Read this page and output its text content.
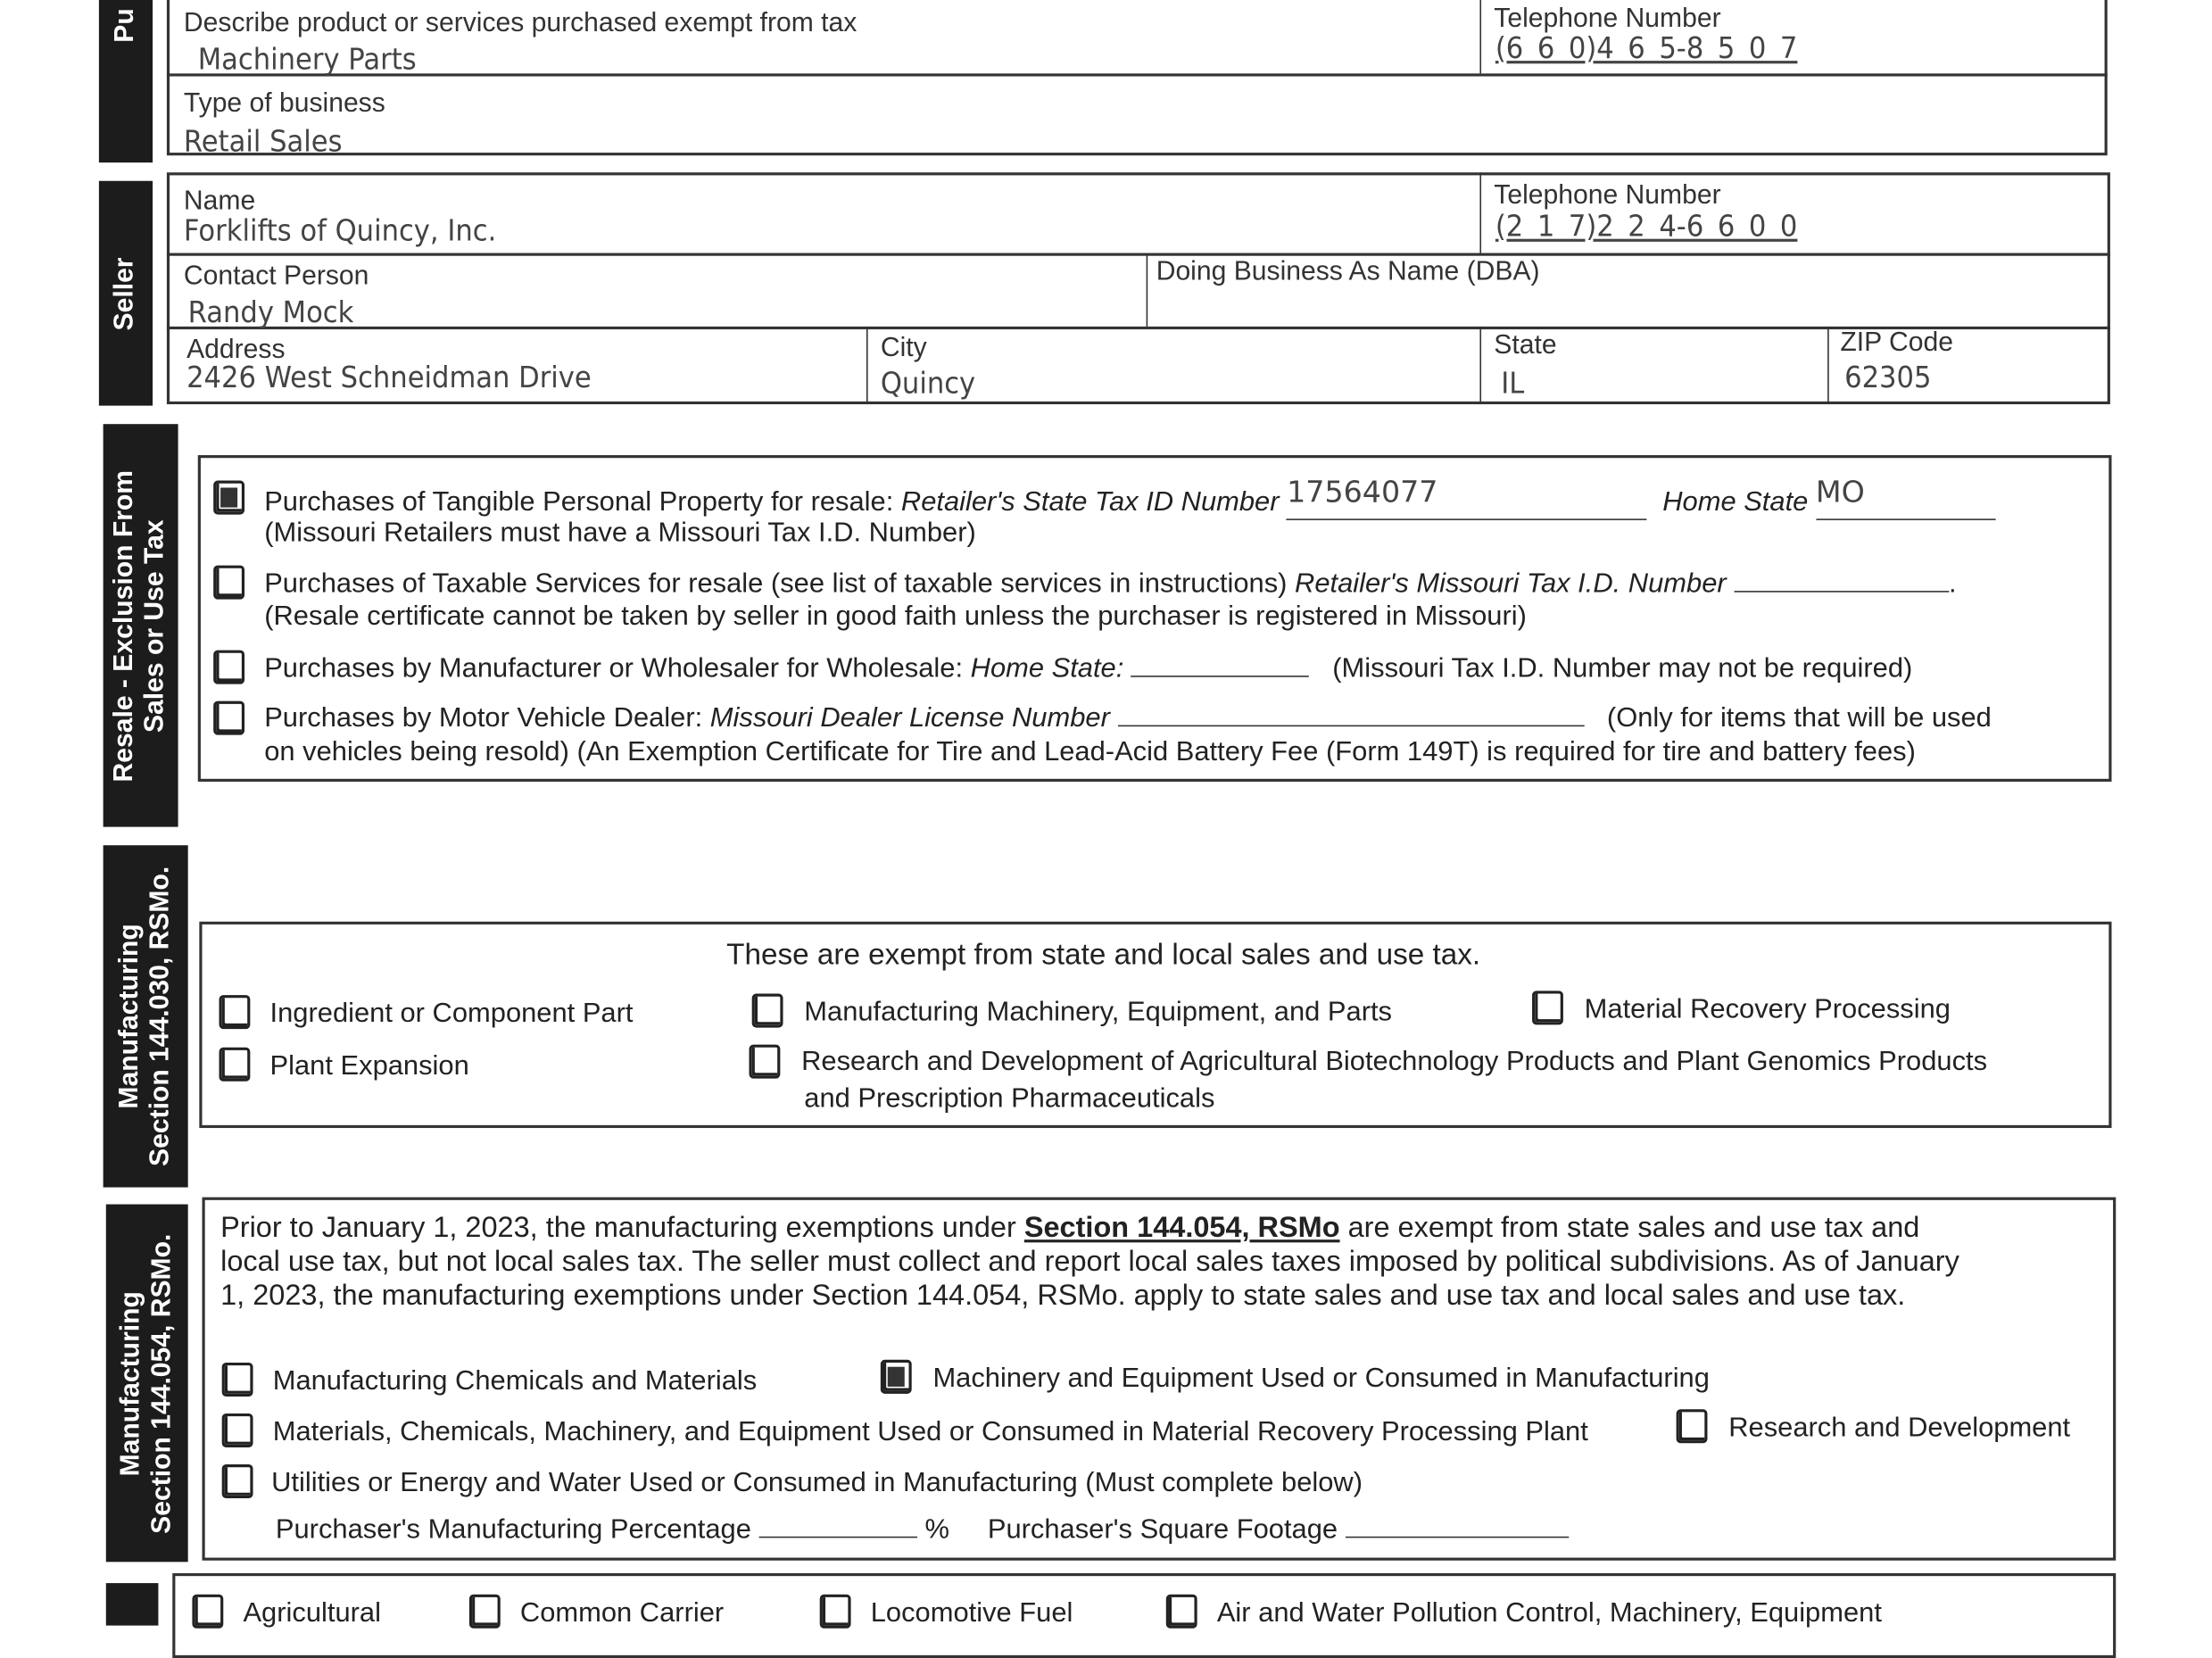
Pu	Describe product or services purchased exempt from tax
Machinery Parts
Telephone Number
(6 6 0)4 6 5-8 5 0 7
Type of business
Retail Sales
Seller
Name
Forklifts of Quincy, Inc.
Telephone Number
(2 1 7)2 2 4-6 6 0 0
Contact Person
Randy Mock
Doing Business As Name (DBA)
Address
2426 West Schneidman Drive
City
Quincy
State
IL
ZIP Code
62305
Resale - Exclusion From Sales or Use Tax
Purchases of Tangible Personal Property for resale: Retailer's State Tax ID Number 17564077	Home State MO
(Missouri Retailers must have a Missouri Tax I.D. Number)
Purchases of Taxable Services for resale (see list of taxable services in instructions) Retailer's Missouri Tax I.D. Number	.
(Resale certificate cannot be taken by seller in good faith unless the purchaser is registered in Missouri)
Purchases by Manufacturer or Wholesaler for Wholesale: Home State:	(Missouri Tax I.D. Number may not be required)
Purchases by Motor Vehicle Dealer: Missouri Dealer License Number	(Only for items that will be used
on vehicles being resold) (An Exemption Certificate for Tire and Lead-Acid Battery Fee (Form 149T) is required for tire and battery fees)
Manufacturing Section 144.030, RSMo.	These are exempt from state and local sales and use tax.
Ingredient or Component Part	Manufacturing Machinery, Equipment, and Parts	Material Recovery Processing
Plant Expansion	Research and Development of Agricultural Biotechnology Products and Plant Genomics Products
and Prescription Pharmaceuticals
Manufacturing Section 144.054, RSMo.
Prior to January 1, 2023, the manufacturing exemptions under Section 144.054, RSMo are exempt from state sales and use tax and
local use tax, but not local sales tax. The seller must collect and report local sales taxes imposed by political subdivisions. As of January
1, 2023, the manufacturing exemptions under Section 144.054, RSMo. apply to state sales and use tax and local sales and use tax.
Manufacturing Chemicals and Materials	Machinery and Equipment Used or Consumed in Manufacturing
Materials, Chemicals, Machinery, and Equipment Used or Consumed in Material Recovery Processing Plant	Research and Development
Utilities or Energy and Water Used or Consumed in Manufacturing (Must complete below)
Purchaser's Manufacturing Percentage	% Purchaser's Square Footage
Agricultural	Common Carrier	Locomotive Fuel	Air and Water Pollution Control, Machinery, Equipment
